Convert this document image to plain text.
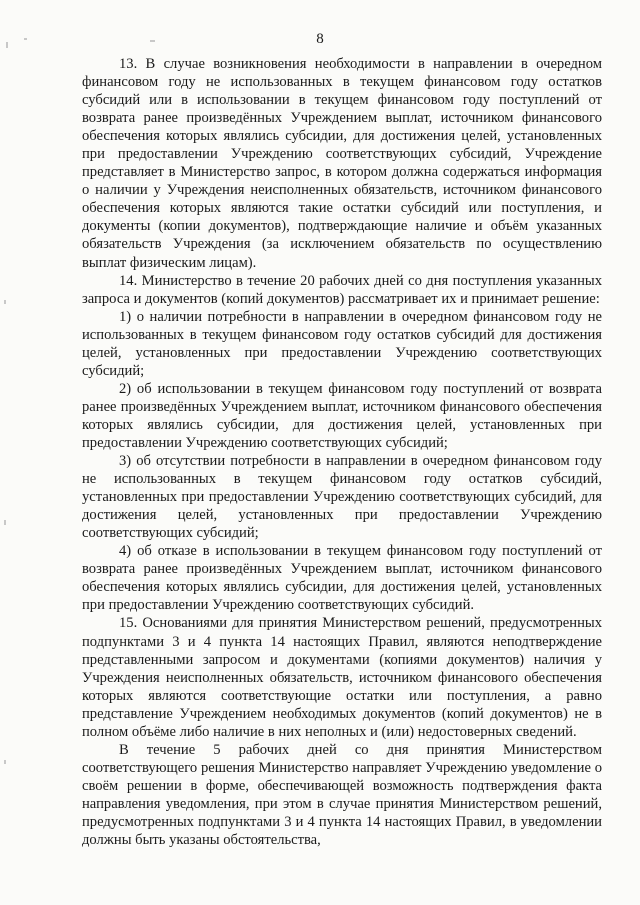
8

13. В случае возникновения необходимости в направлении в очередном финансовом году не использованных в текущем финансовом году остатков субсидий или в использовании в текущем финансовом году поступлений от возврата ранее произведённых Учреждением выплат, источником финансового обеспечения которых являлись субсидии, для достижения целей, установленных при предоставлении Учреждению соответствующих субсидий, Учреждение представляет в Министерство запрос, в котором должна содержаться информация о наличии у Учреждения неисполненных обязательств, источником финансового обеспечения которых являются такие остатки субсидий или поступления, и документы (копии документов), подтверждающие наличие и объём указанных обязательств Учреждения (за исключением обязательств по осуществлению выплат физическим лицам).

14. Министерство в течение 20 рабочих дней со дня поступления указанных запроса и документов (копий документов) рассматривает их и принимает решение:

1) о наличии потребности в направлении в очередном финансовом году не использованных в текущем финансовом году остатков субсидий для достижения целей, установленных при предоставлении Учреждению соответствующих субсидий;

2) об использовании в текущем финансовом году поступлений от возврата ранее произведённых Учреждением выплат, источником финансового обеспечения которых являлись субсидии, для достижения целей, установленных при предоставлении Учреждению соответствующих субсидий;

3) об отсутствии потребности в направлении в очередном финансовом году не использованных в текущем финансовом году остатков субсидий, установленных при предоставлении Учреждению соответствующих субсидий, для достижения целей, установленных при предоставлении Учреждению соответствующих субсидий;

4) об отказе в использовании в текущем финансовом году поступлений от возврата ранее произведённых Учреждением выплат, источником финансового обеспечения которых являлись субсидии, для достижения целей, установленных при предоставлении Учреждению соответствующих субсидий.

15. Основаниями для принятия Министерством решений, предусмотренных подпунктами 3 и 4 пункта 14 настоящих Правил, являются неподтверждение представленными запросом и документами (копиями документов) наличия у Учреждения неисполненных обязательств, источником финансового обеспечения которых являются соответствующие остатки или поступления, а равно представление Учреждением необходимых документов (копий документов) не в полном объёме либо наличие в них неполных и (или) недостоверных сведений.

В течение 5 рабочих дней со дня принятия Министерством соответствующего решения Министерство направляет Учреждению уведомление о своём решении в форме, обеспечивающей возможность подтверждения факта направления уведомления, при этом в случае принятия Министерством решений, предусмотренных подпунктами 3 и 4 пункта 14 настоящих Правил, в уведомлении должны быть указаны обстоятельства,
